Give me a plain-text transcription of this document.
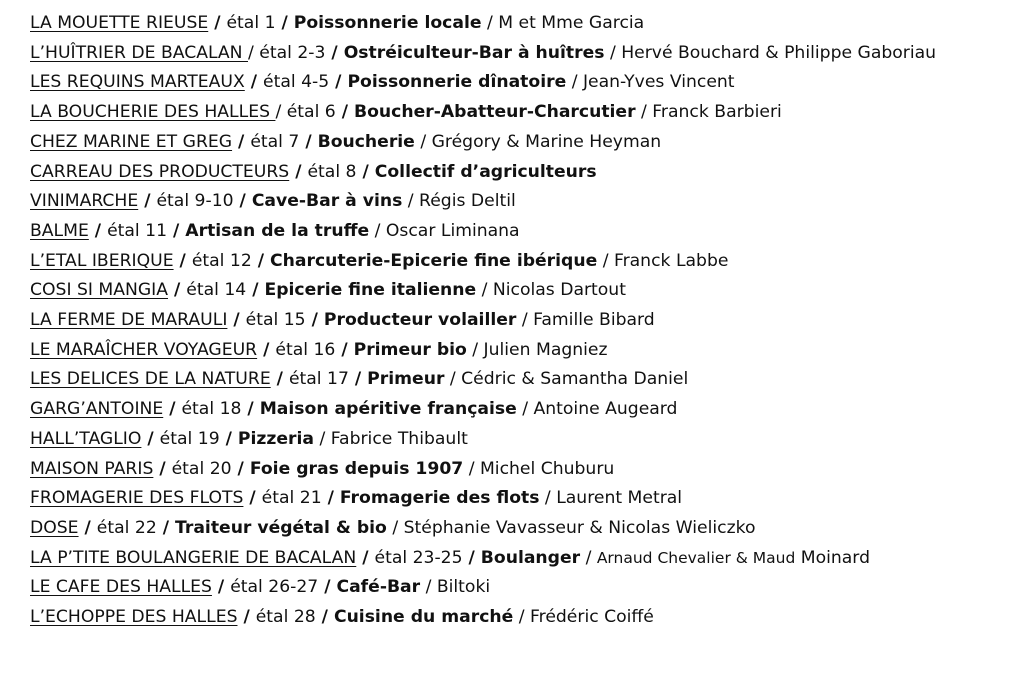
LA MOUETTE RIEUSE / étal 1 / Poissonnerie locale / M et Mme Garcia
L’HUÎTRIER DE BACALAN / étal 2-3 / Ostréiculteur-Bar à huîtres / Hervé Bouchard & Philippe Gaboriau
LES REQUINS MARTEAUX / étal 4-5 / Poissonnerie dînatoire / Jean-Yves Vincent
LA BOUCHERIE DES HALLES / étal 6 / Boucher-Abatteur-Charcutier / Franck Barbieri
CHEZ MARINE ET GREG / étal 7 / Boucherie / Grégory & Marine Heyman
CARREAU DES PRODUCTEURS / étal 8 / Collectif d’agriculteurs
VINIMARCHE / étal 9-10 / Cave-Bar à vins / Régis Deltil
BALME / étal 11 / Artisan de la truffe / Oscar Liminana
L’ETAL IBERIQUE / étal 12 / Charcuterie-Epicerie fine ibérique / Franck Labbe
COSI SI MANGIA / étal 14 / Epicerie fine italienne / Nicolas Dartout
LA FERME DE MARAULI / étal 15 / Producteur volailler / Famille Bibard
LE MARAÎCHER VOYAGEUR / étal 16 / Primeur bio / Julien Magniez
LES DELICES DE LA NATURE / étal 17 / Primeur / Cédric & Samantha Daniel
GARG’ANTOINE / étal 18 / Maison apéritive française / Antoine Augeard
HALL’TAGLIO / étal 19 / Pizzeria / Fabrice Thibault
MAISON PARIS / étal 20 / Foie gras depuis 1907 / Michel Chuburu
FROMAGERIE DES FLOTS / étal 21 / Fromagerie des flots / Laurent Metral
DOSE / étal 22 / Traiteur végétal & bio / Stéphanie Vavasseur & Nicolas Wieliczko
LA P’TITE BOULANGERIE DE BACALAN / étal 23-25 / Boulanger / Arnaud Chevalier & Maud Moinard
LE CAFE DES HALLES / étal 26-27 / Café-Bar / Biltoki
L’ECHOPPE DES HALLES / étal 28 / Cuisine du marché / Frédéric Coiffé
